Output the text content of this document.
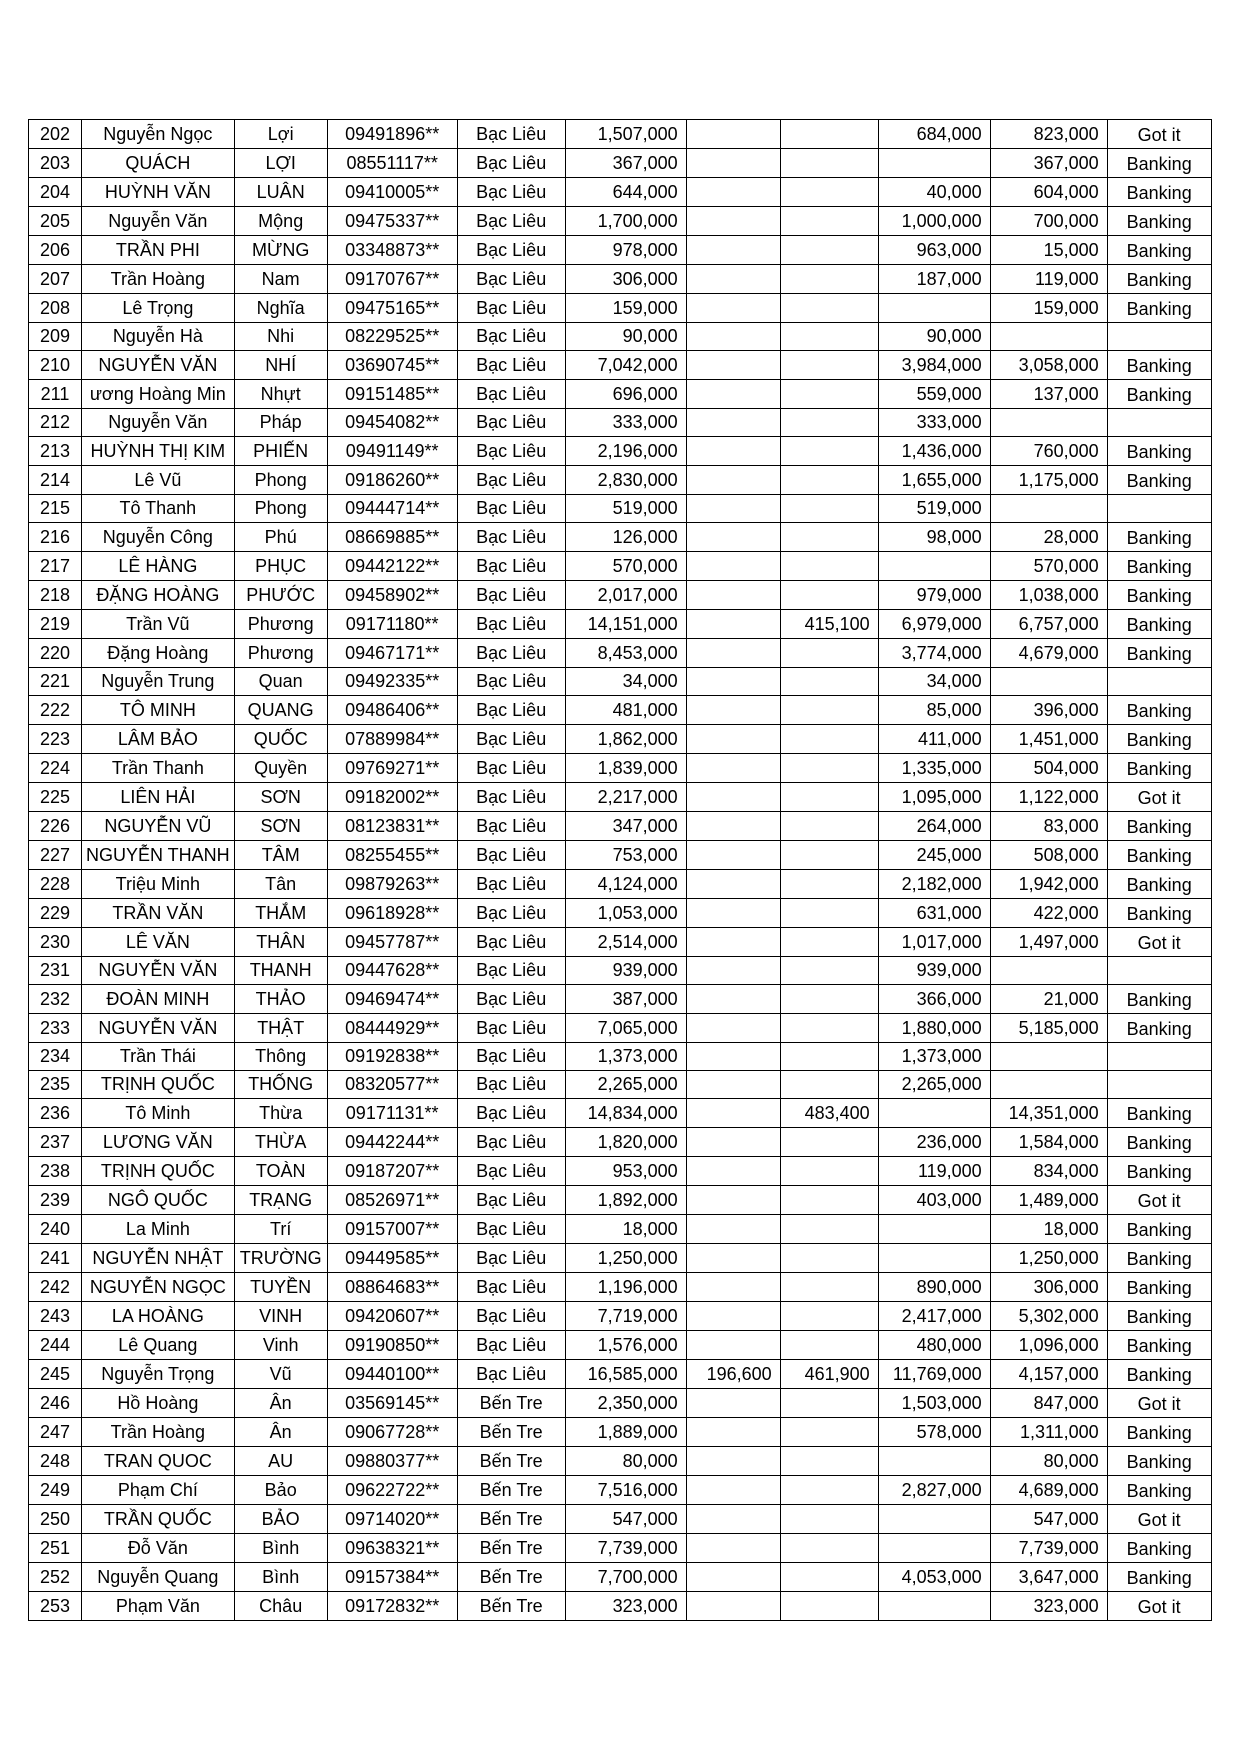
202	Nguyễn Ngọc	Lợi	09491896**	Bạc Liêu	1,507,000			684,000	823,000	Got it
203	QUÁCH	LỢI	08551117**	Bạc Liêu	367,000				367,000	Banking
204	HUỲNH VĂN	LUÂN	09410005**	Bạc Liêu	644,000			40,000	604,000	Banking
205	Nguyễn Văn	Mộng	09475337**	Bạc Liêu	1,700,000			1,000,000	700,000	Banking
206	TRẦN PHI	MỪNG	03348873**	Bạc Liêu	978,000			963,000	15,000	Banking
207	Trần Hoàng	Nam	09170767**	Bạc Liêu	306,000			187,000	119,000	Banking
208	Lê Trọng	Nghĩa	09475165**	Bạc Liêu	159,000				159,000	Banking
209	Nguyễn Hà	Nhi	08229525**	Bạc Liêu	90,000			90,000		
210	NGUYỄN VĂN	NHÍ	03690745**	Bạc Liêu	7,042,000			3,984,000	3,058,000	Banking
211	ương Hoàng Min	Nhựt	09151485**	Bạc Liêu	696,000			559,000	137,000	Banking
212	Nguyễn Văn	Pháp	09454082**	Bạc Liêu	333,000			333,000		
213	HUỲNH THỊ KIM	PHIẾN	09491149**	Bạc Liêu	2,196,000			1,436,000	760,000	Banking
214	Lê Vũ	Phong	09186260**	Bạc Liêu	2,830,000			1,655,000	1,175,000	Banking
215	Tô Thanh	Phong	09444714**	Bạc Liêu	519,000			519,000		
216	Nguyễn Công	Phú	08669885**	Bạc Liêu	126,000			98,000	28,000	Banking
217	LÊ HÀNG	PHỤC	09442122**	Bạc Liêu	570,000				570,000	Banking
218	ĐẶNG HOÀNG	PHƯỚC	09458902**	Bạc Liêu	2,017,000			979,000	1,038,000	Banking
219	Trần Vũ	Phương	09171180**	Bạc Liêu	14,151,000		415,100	6,979,000	6,757,000	Banking
220	Đặng Hoàng	Phương	09467171**	Bạc Liêu	8,453,000			3,774,000	4,679,000	Banking
221	Nguyễn Trung	Quan	09492335**	Bạc Liêu	34,000			34,000		
222	TÔ MINH	QUANG	09486406**	Bạc Liêu	481,000			85,000	396,000	Banking
223	LÂM BẢO	QUỐC	07889984**	Bạc Liêu	1,862,000			411,000	1,451,000	Banking
224	Trần Thanh	Quyền	09769271**	Bạc Liêu	1,839,000			1,335,000	504,000	Banking
225	LIÊN HẢI	SƠN	09182002**	Bạc Liêu	2,217,000			1,095,000	1,122,000	Got it
226	NGUYỄN VŨ	SƠN	08123831**	Bạc Liêu	347,000			264,000	83,000	Banking
227	NGUYỄN THANH	TÂM	08255455**	Bạc Liêu	753,000			245,000	508,000	Banking
228	Triệu Minh	Tân	09879263**	Bạc Liêu	4,124,000			2,182,000	1,942,000	Banking
229	TRẦN VĂN	THẮM	09618928**	Bạc Liêu	1,053,000			631,000	422,000	Banking
230	LÊ VĂN	THÂN	09457787**	Bạc Liêu	2,514,000			1,017,000	1,497,000	Got it
231	NGUYỄN VĂN	THANH	09447628**	Bạc Liêu	939,000			939,000		
232	ĐOÀN MINH	THẢO	09469474**	Bạc Liêu	387,000			366,000	21,000	Banking
233	NGUYỄN VĂN	THẬT	08444929**	Bạc Liêu	7,065,000			1,880,000	5,185,000	Banking
234	Trần Thái	Thông	09192838**	Bạc Liêu	1,373,000			1,373,000		
235	TRỊNH QUỐC	THỐNG	08320577**	Bạc Liêu	2,265,000			2,265,000		
236	Tô Minh	Thừa	09171131**	Bạc Liêu	14,834,000		483,400		14,351,000	Banking
237	LƯƠNG VĂN	THỪA	09442244**	Bạc Liêu	1,820,000			236,000	1,584,000	Banking
238	TRỊNH QUỐC	TOÀN	09187207**	Bạc Liêu	953,000			119,000	834,000	Banking
239	NGÔ QUỐC	TRẠNG	08526971**	Bạc Liêu	1,892,000			403,000	1,489,000	Got it
240	La Minh	Trí	09157007**	Bạc Liêu	18,000				18,000	Banking
241	NGUYỄN NHẬT	TRƯỜNG	09449585**	Bạc Liêu	1,250,000				1,250,000	Banking
242	NGUYỄN NGỌC	TUYỀN	08864683**	Bạc Liêu	1,196,000			890,000	306,000	Banking
243	LA HOÀNG	VINH	09420607**	Bạc Liêu	7,719,000			2,417,000	5,302,000	Banking
244	Lê Quang	Vinh	09190850**	Bạc Liêu	1,576,000			480,000	1,096,000	Banking
245	Nguyễn Trọng	Vũ	09440100**	Bạc Liêu	16,585,000	196,600	461,900	11,769,000	4,157,000	Banking
246	Hồ Hoàng	Ân	03569145**	Bến Tre	2,350,000			1,503,000	847,000	Got it
247	Trần Hoàng	Ân	09067728**	Bến Tre	1,889,000			578,000	1,311,000	Banking
248	TRAN QUOC	AU	09880377**	Bến Tre	80,000				80,000	Banking
249	Phạm Chí	Bảo	09622722**	Bến Tre	7,516,000			2,827,000	4,689,000	Banking
250	TRẦN QUỐC	BẢO	09714020**	Bến Tre	547,000				547,000	Got it
251	Đỗ Văn	Bình	09638321**	Bến Tre	7,739,000				7,739,000	Banking
252	Nguyễn Quang	Bình	09157384**	Bến Tre	7,700,000			4,053,000	3,647,000	Banking
253	Phạm Văn	Châu	09172832**	Bến Tre	323,000				323,000	Got it
